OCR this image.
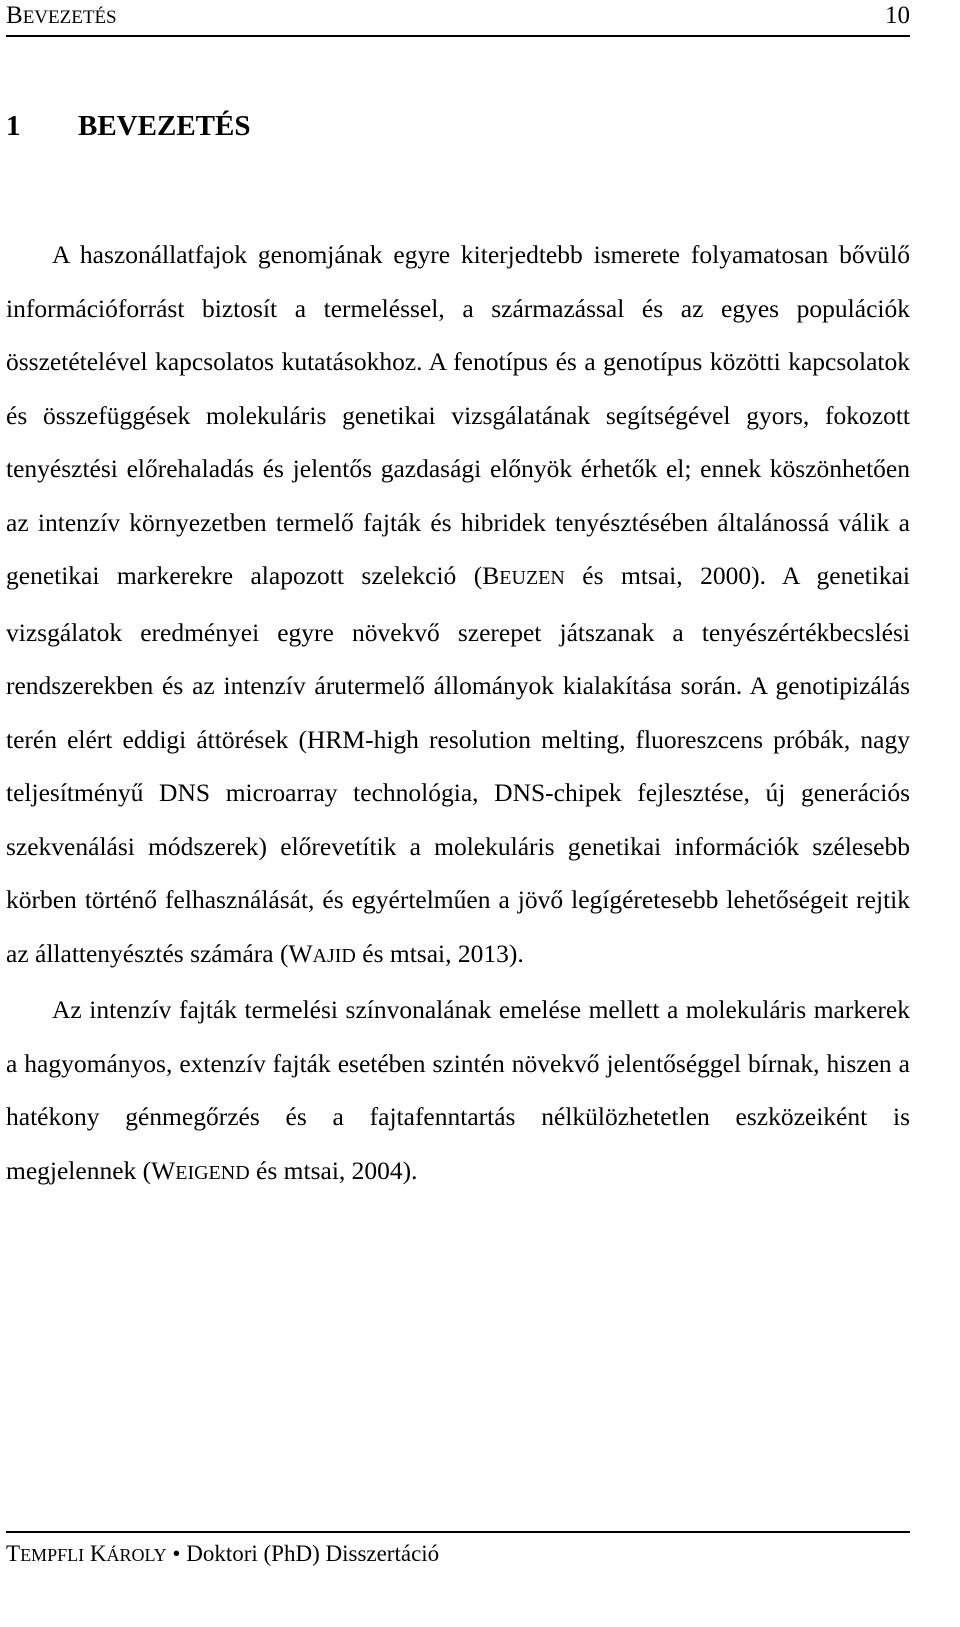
BEVEZETÉS	10
1 BEVEZETÉS

A haszonállatfajok genomjának egyre kiterjedtebb ismerete folyamatosan bővülő információforrást biztosít a termeléssel, a származással és az egyes populációk összetételével kapcsolatos kutatásokhoz. A fenotípus és a genotípus közötti kapcsolatok és összefüggések molekuláris genetikai vizsgálatának segítségével gyors, fokozott tenyésztési előrehaladás és jelentős gazdasági előnyök érhetők el; ennek köszönhetően az intenzív környezetben termelő fajták és hibridek tenyésztésében általánossá válik a genetikai markerekre alapozott szelekció (BEUZEN és mtsai, 2000). A genetikai vizsgálatok eredményei egyre növekvő szerepet játszanak a tenyészértékbecslési rendszerekben és az intenzív árutermelő állományok kialakítása során. A genotipizálás terén elért eddigi áttörések (HRM-high resolution melting, fluoreszcens próbák, nagy teljesítményű DNS microarray technológia, DNS-chipek fejlesztése, új generációs szekvenálási módszerek) előrevetítik a molekuláris genetikai információk szélesebb körben történő felhasználását, és egyértelműen a jövő legígéretesebb lehetőségeit rejtik az állattenyésztés számára (WAJID és mtsai, 2013).

Az intenzív fajták termelési színvonalának emelése mellett a molekuláris markerek a hagyományos, extenzív fajták esetében szintén növekvő jelentőséggel bírnak, hiszen a hatékony génmegőrzés és a fajtafenntartás nélkülözhetetlen eszközeiként is megjelennek (WEIGEND és mtsai, 2004).

TEMPFLI KÁROLY • Doktori (PhD) Disszertáció
